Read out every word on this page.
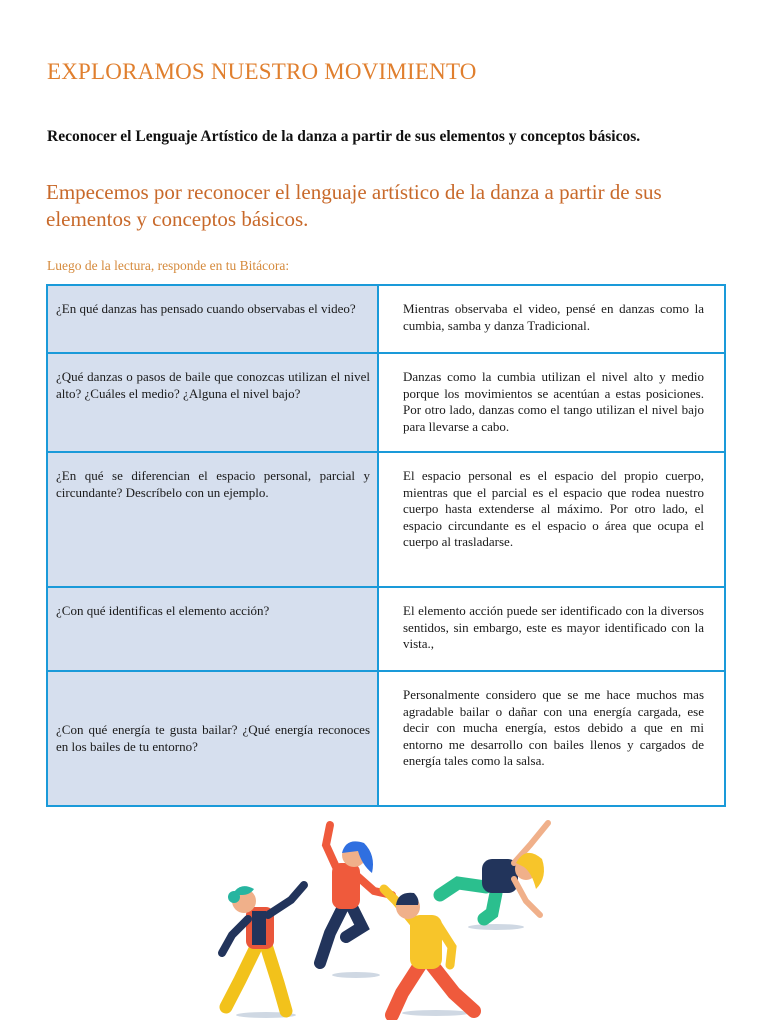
EXPLORAMOS NUESTRO MOVIMIENTO
Reconocer el Lenguaje Artístico de la danza a partir de sus elementos y conceptos básicos.
Empecemos por reconocer el lenguaje artístico de la danza a partir de sus elementos y conceptos básicos.
Luego de la lectura, responde en tu Bitácora:
¿En qué danzas has pensado cuando observabas el video?	Mientras observaba el video, pensé en danzas como la cumbia, samba y danza Tradicional.
¿Qué danzas o pasos de baile que conozcas utilizan el nivel alto? ¿Cuáles el medio? ¿Alguna el nivel bajo?	Danzas como la cumbia utilizan el nivel alto y medio porque los movimientos se acentúan a estas posiciones. Por otro lado, danzas como el tango utilizan el nivel bajo para llevarse a cabo.
¿En qué se diferencian el espacio personal, parcial y circundante? Descríbelo con un ejemplo.	El espacio personal es el espacio del propio cuerpo, mientras que el parcial es el espacio que rodea nuestro cuerpo hasta extenderse al máximo. Por otro lado, el espacio circundante es el espacio o área que ocupa el cuerpo al trasladarse.
¿Con qué identificas el elemento acción?	El elemento acción puede ser identificado con la diversos sentidos, sin embargo, este es mayor identificado con la vista.,
¿Con qué energía te gusta bailar? ¿Qué energía reconoces en los bailes de tu entorno?	Personalmente considero que se me hace muchos mas agradable bailar o dañar con una energía cargada, ese decir con mucha energía, estos debido a que en mi entorno me desarrollo con bailes llenos y cargados de energía tales como la salsa.
